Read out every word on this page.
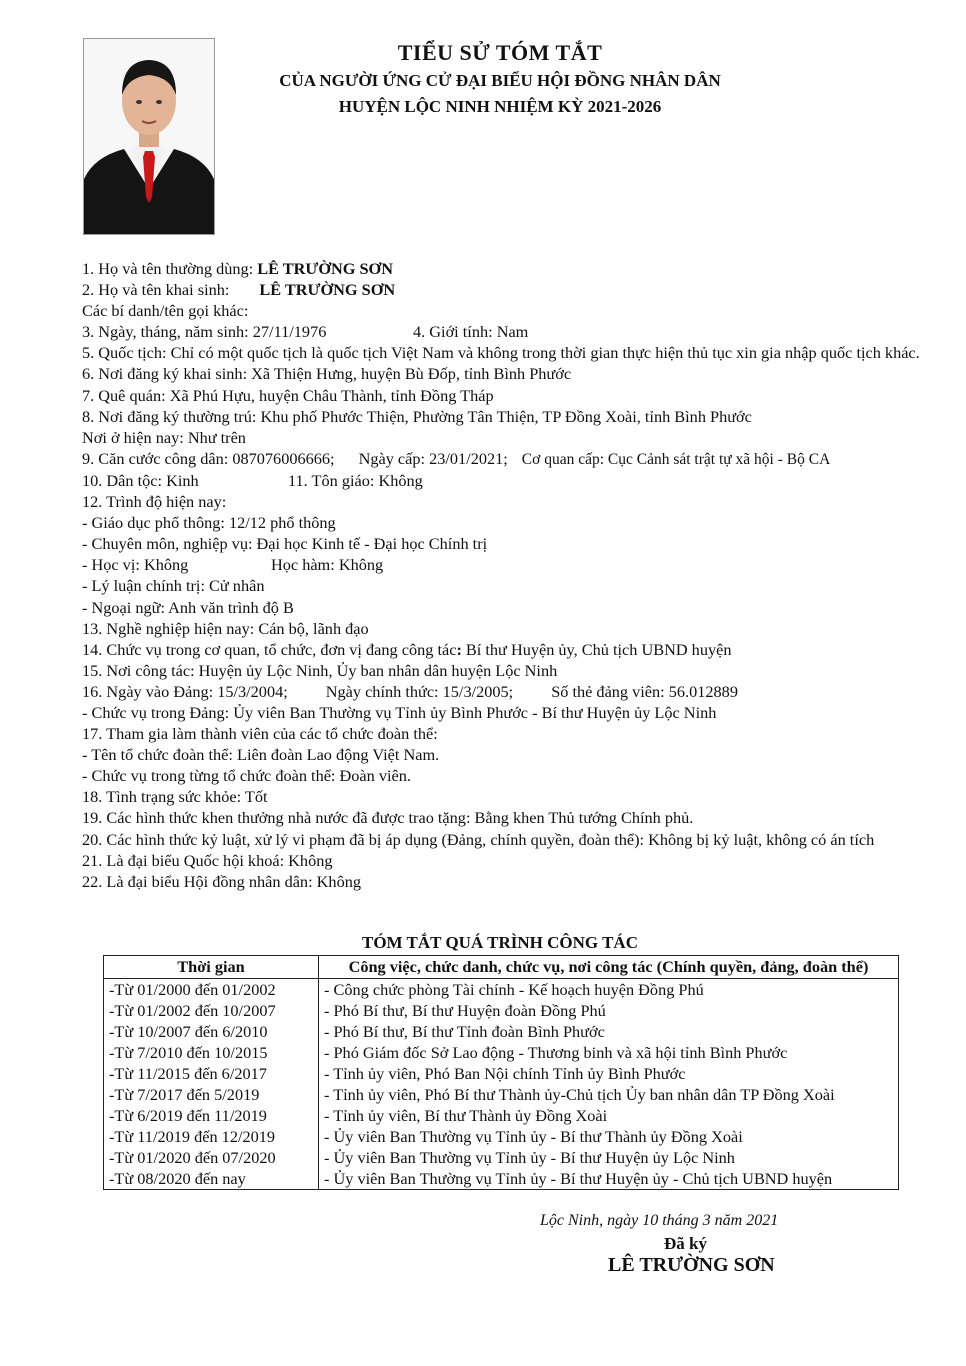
TIỂU SỬ TÓM TẮT
CỦA NGƯỜI ỨNG CỬ ĐẠI BIỂU HỘI ĐỒNG NHÂN DÂN
HUYỆN LỘC NINH NHIỆM KỲ 2021-2026
1. Họ và tên thường dùng: LÊ TRƯỜNG SƠN
2. Họ và tên khai sinh: LÊ TRƯỜNG SƠN
Các bí danh/tên gọi khác:
3. Ngày, tháng, năm sinh: 27/11/1976	4. Giới tính: Nam
5. Quốc tịch: Chỉ có một quốc tịch là quốc tịch Việt Nam và không trong thời gian thực hiện thủ tục xin gia nhập quốc tịch khác.
6. Nơi đăng ký khai sinh: Xã Thiện Hưng, huyện Bù Đốp, tỉnh Bình Phước
7. Quê quán: Xã Phú Hựu, huyện Châu Thành, tỉnh Đồng Tháp
8. Nơi đăng ký thường trú: Khu phố Phước Thiện, Phường Tân Thiện, TP Đồng Xoài, tỉnh Bình Phước
Nơi ở hiện nay: Như trên
9. Căn cước công dân: 087076006666; Ngày cấp: 23/01/2021; Cơ quan cấp: Cục Cảnh sát trật tự xã hội - Bộ CA
10. Dân tộc: Kinh	11. Tôn giáo: Không
12. Trình độ hiện nay:
- Giáo dục phổ thông: 12/12 phổ thông
- Chuyên môn, nghiệp vụ: Đại học Kinh tế - Đại học Chính trị
- Học vị: Không	Học hàm: Không
- Lý luận chính trị: Cử nhân
- Ngoại ngữ: Anh văn trình độ B
13. Nghề nghiệp hiện nay: Cán bộ, lãnh đạo
14. Chức vụ trong cơ quan, tổ chức, đơn vị đang công tác: Bí thư Huyện ủy, Chủ tịch UBND huyện
15. Nơi công tác: Huyện ủy Lộc Ninh, Ủy ban nhân dân huyện Lộc Ninh
16. Ngày vào Đảng: 15/3/2004; Ngày chính thức: 15/3/2005; Số thẻ đảng viên: 56.012889
- Chức vụ trong Đảng: Ủy viên Ban Thường vụ Tỉnh ủy Bình Phước - Bí thư Huyện ủy Lộc Ninh
17. Tham gia làm thành viên của các tổ chức đoàn thể:
- Tên tổ chức đoàn thể: Liên đoàn Lao động Việt Nam.
- Chức vụ trong từng tổ chức đoàn thể: Đoàn viên.
18. Tình trạng sức khỏe: Tốt
19. Các hình thức khen thưởng nhà nước đã được trao tặng: Bằng khen Thủ tướng Chính phủ.
20. Các hình thức kỷ luật, xử lý vi phạm đã bị áp dụng (Đảng, chính quyền, đoàn thể): Không bị kỷ luật, không có án tích
21. Là đại biểu Quốc hội khoá: Không
22. Là đại biểu Hội đồng nhân dân: Không
TÓM TẮT QUÁ TRÌNH CÔNG TÁC
Thời gian	Công việc, chức danh, chức vụ, nơi công tác (Chính quyền, đảng, đoàn thể)
-Từ 01/2000 đến 01/2002	- Công chức phòng Tài chính - Kế hoạch huyện Đồng Phú
-Từ 01/2002 đến 10/2007	- Phó Bí thư, Bí thư Huyện đoàn Đồng Phú
-Từ 10/2007 đến 6/2010	- Phó Bí thư, Bí thư Tỉnh đoàn Bình Phước
-Từ 7/2010 đến 10/2015	- Phó Giám đốc Sở Lao động - Thương binh và xã hội tỉnh Bình Phước
-Từ 11/2015 đến 6/2017	- Tỉnh ủy viên, Phó Ban Nội chính Tỉnh ủy Bình Phước
-Từ 7/2017 đến 5/2019	- Tỉnh ủy viên, Phó Bí thư Thành ủy-Chủ tịch Ủy ban nhân dân TP Đồng Xoài
-Từ 6/2019 đến 11/2019	- Tỉnh ủy viên, Bí thư Thành ủy Đồng Xoài
-Từ 11/2019 đến 12/2019	- Ủy viên Ban Thường vụ Tỉnh ủy - Bí thư Thành ủy Đồng Xoài
-Từ 01/2020 đến 07/2020	- Ủy viên Ban Thường vụ Tỉnh ủy - Bí thư Huyện ủy Lộc Ninh
-Từ 08/2020 đến nay	- Ủy viên Ban Thường vụ Tỉnh ủy - Bí thư Huyện ủy - Chủ tịch UBND huyện
Lộc Ninh, ngày 10 tháng 3 năm 2021
Đã ký
LÊ TRƯỜNG SƠN
